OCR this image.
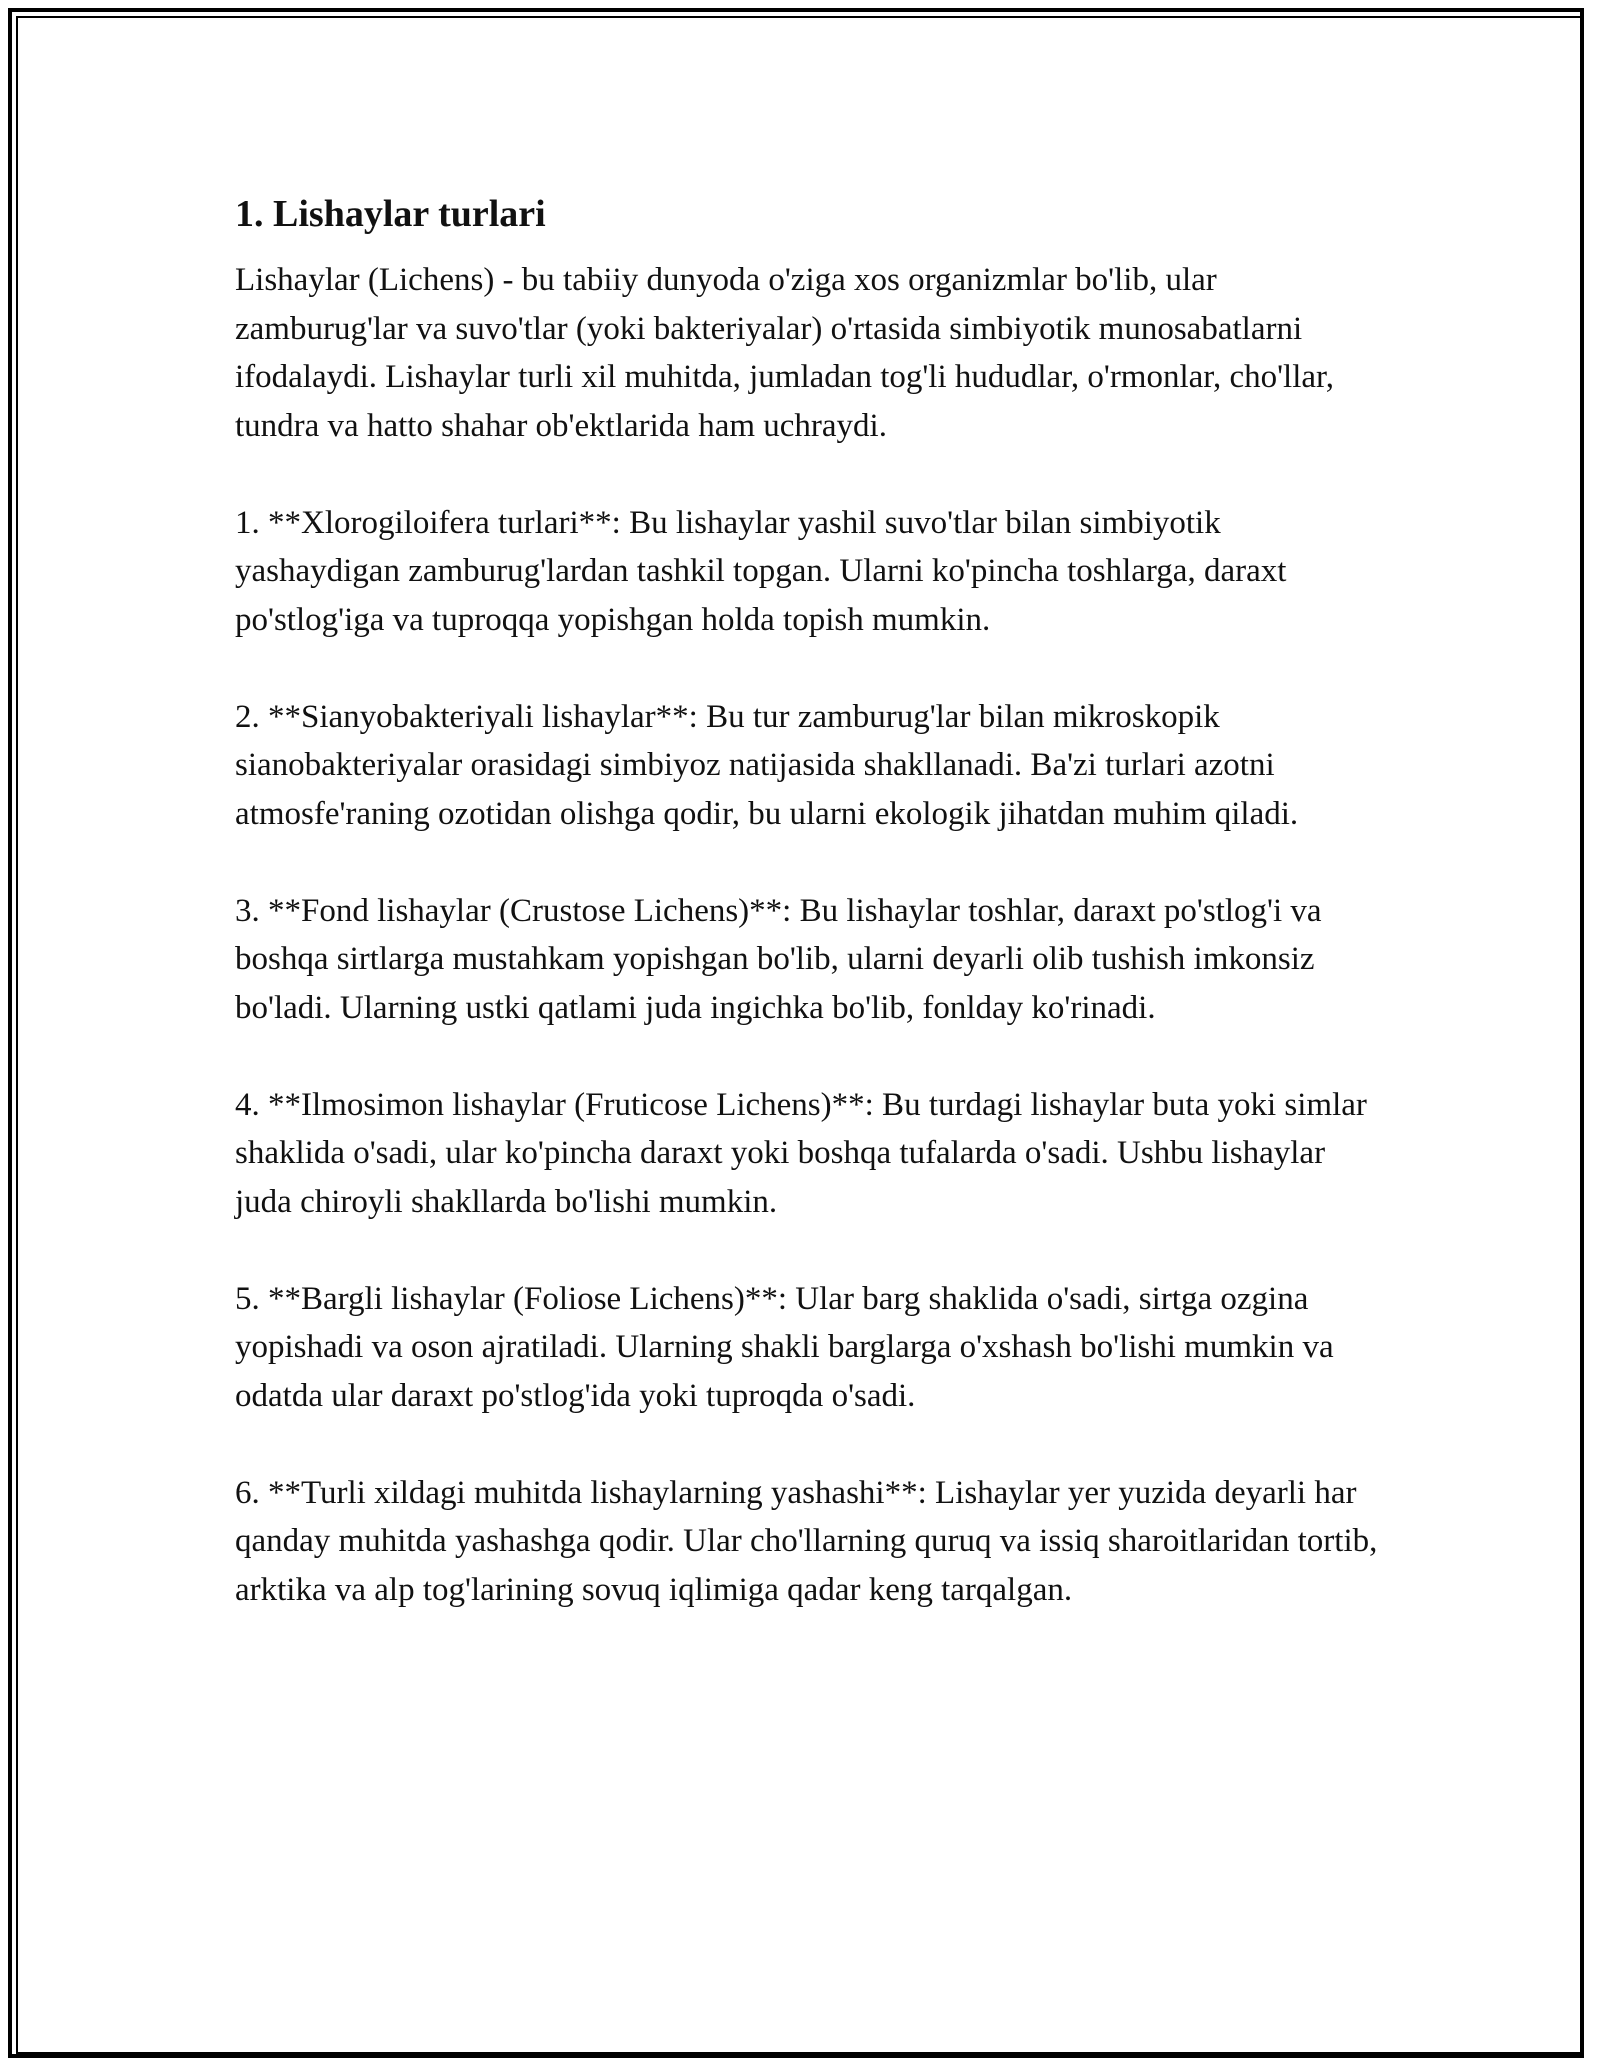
1. Lishaylar turlari

Lishaylar (Lichens) - bu tabiiy dunyoda o'ziga xos organizmlar bo'lib, ular zamburug'lar va suvo'tlar (yoki bakteriyalar) o'rtasida simbiyotik munosabatlarni ifodalaydi. Lishaylar turli xil muhitda, jumladan tog'li hududlar, o'rmonlar, cho'llar, tundra va hatto shahar ob'ektlarida ham uchraydi.

1. **Xlorogiloifera turlari**: Bu lishaylar yashil suvo'tlar bilan simbiyotik yashaydigan zamburug'lardan tashkil topgan. Ularni ko'pincha toshlarga, daraxt po'stlog'iga va tuproqqa yopishgan holda topish mumkin.

2. **Sianyobakteriyali lishaylar**: Bu tur zamburug'lar bilan mikroskopik sianobakteriyalar orasidagi simbiyoz natijasida shakllanadi. Ba'zi turlari azotni atmosfe'raning ozotidan olishga qodir, bu ularni ekologik jihatdan muhim qiladi.

3. **Fond lishaylar (Crustose Lichens)**: Bu lishaylar toshlar, daraxt po'stlog'i va boshqa sirtlarga mustahkam yopishgan bo'lib, ularni deyarli olib tushish imkonsiz bo'ladi. Ularning ustki qatlami juda ingichka bo'lib, fonlday ko'rinadi.

4. **Ilmosimon lishaylar (Fruticose Lichens)**: Bu turdagi lishaylar buta yoki simlar shaklida o'sadi, ular ko'pincha daraxt yoki boshqa tufalarda o'sadi. Ushbu lishaylar juda chiroyli shakllarda bo'lishi mumkin.

5. **Bargli lishaylar (Foliose Lichens)**: Ular barg shaklida o'sadi, sirtga ozgina yopishadi va oson ajratiladi. Ularning shakli barglarga o'xshash bo'lishi mumkin va odatda ular daraxt po'stlog'ida yoki tuproqda o'sadi.

6. **Turli xildagi muhitda lishaylarning yashashi**: Lishaylar yer yuzida deyarli har qanday muhitda yashashga qodir. Ular cho'llarning quruq va issiq sharoitlaridan tortib, arktika va alp tog'larining sovuq iqlimiga qadar keng tarqalgan.
